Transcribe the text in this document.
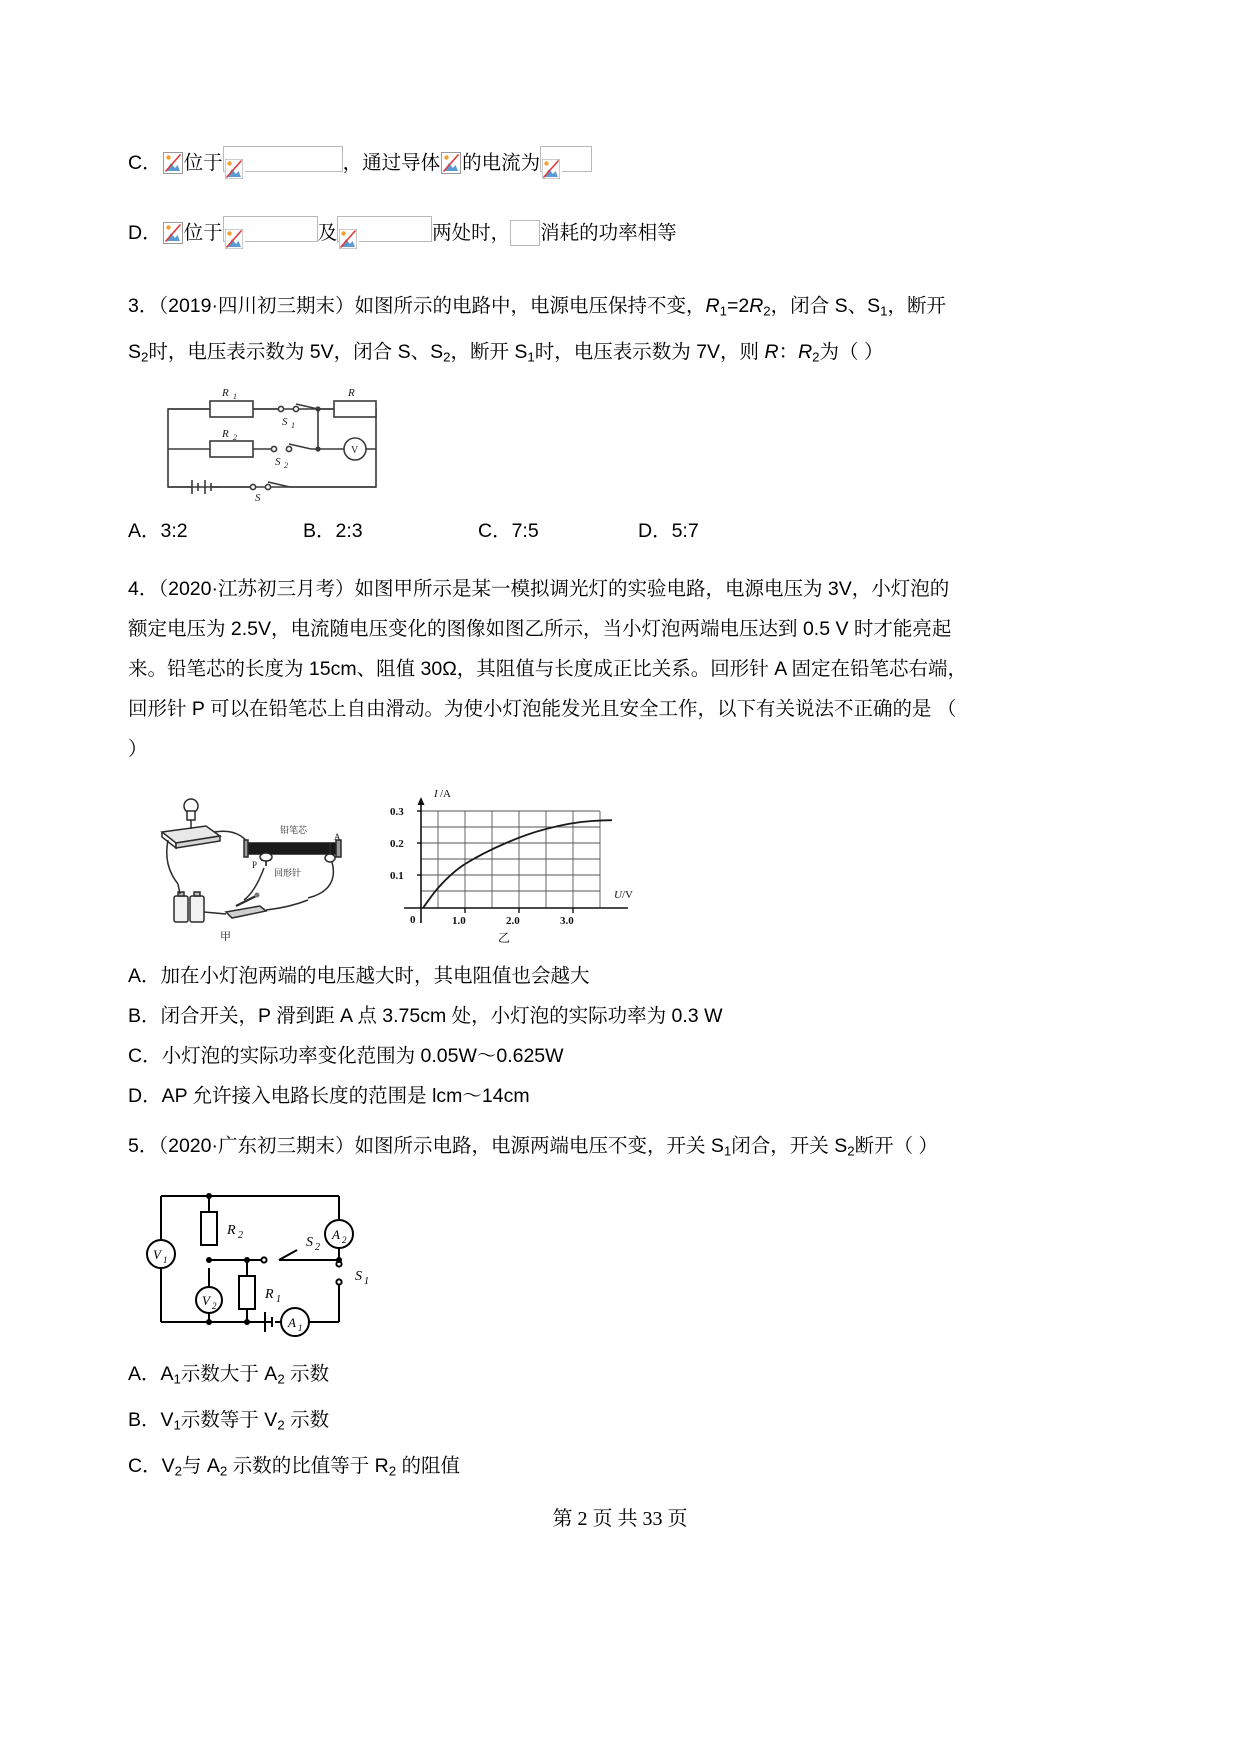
C． 位于	，通过导体 的电流为
D． 位于	及	两处时， 消耗的功率相等
3．（2019·四川初三期末）如图所示的电路中，电源电压保持不变，$R_1=2R_2$，闭合 S、$S_1$，断开
$S_2$时，电压表示数为 5V，闭合 S、$S_2$，断开 $S_1$时，电压表示数为 7V，则 R：$R_2$为（ ）
R 1
R 2
R
S 1
S 2
S
V
A．3:2	B．2:3	C．7:5	D．5:7
4．（2020·江苏初三月考）如图甲所示是某一模拟调光灯的实验电路，电源电压为 3V，小灯泡的
额定电压为 2.5V，电流随电压变化的图像如图乙所示，当小灯泡两端电压达到 0.5 V 时才能亮起
来。铅笔芯的长度为 15cm、阻值 30Ω，其阻值与长度成正比关系。回形针 A 固定在铅笔芯右端，
回形针 P 可以在铅笔芯上自由滑动。为使小灯泡能发光且安全工作，以下有关说法不正确的是 （
）
铅笔芯
回形针
P
A
甲
0.3
0.2
0.1
0	1.0	2.0	3.0
I /A
U /V
乙
A．加在小灯泡两端的电压越大时，其电阻值也会越大
B．闭合开关，P 滑到距 A 点 3.75cm 处，小灯泡的实际功率为 0.3 W
C．小灯泡的实际功率变化范围为 0.05W～0.625W
D．AP 允许接入电路长度的范围是 lcm～14cm
5．（2020·广东初三期末）如图所示电路，电源两端电压不变，开关 $S_1$闭合，开关 $S_2$断开（ ）
R 2
R 1
S 2
S 1
V 1
V 2
A 2
A 1
A．$A_1$示数大于 $A_2$ 示数
B．$V_1$示数等于 $V_2$ 示数
C．$V_2$与 $A_2$ 示数的比值等于 $R_2$ 的阻值
第 2 页 共 33 页
